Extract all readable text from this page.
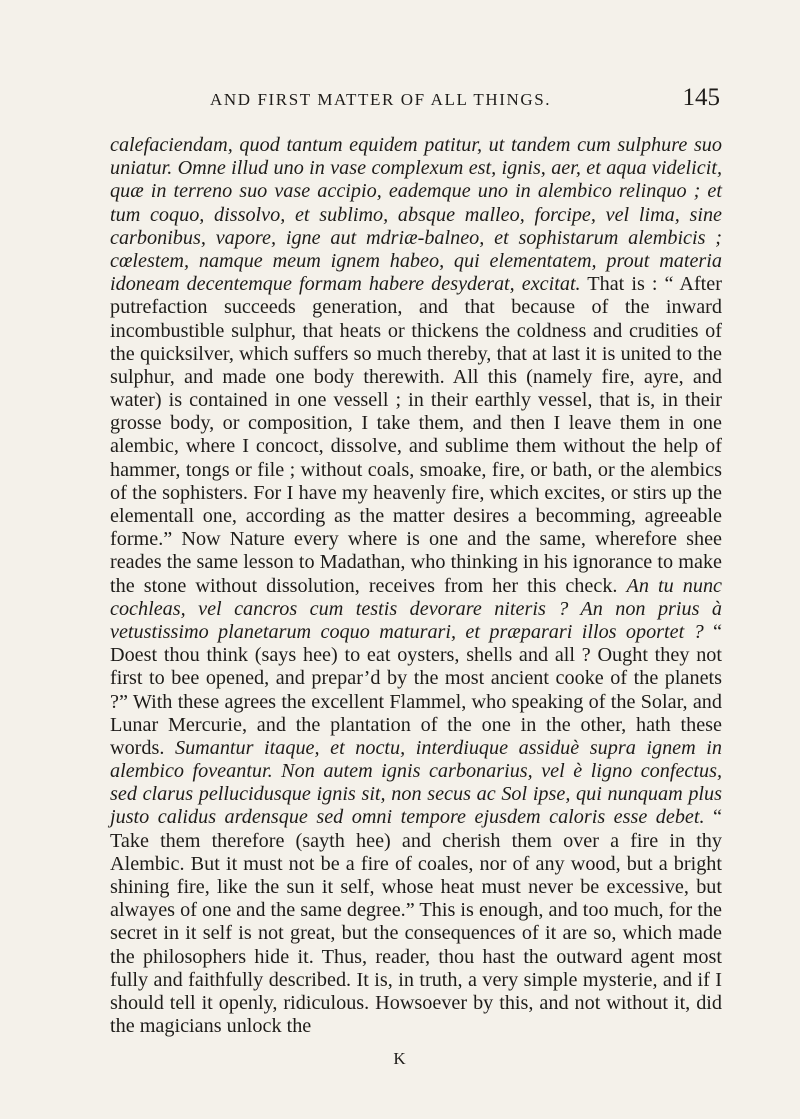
AND FIRST MATTER OF ALL THINGS.	145

calefaciendam, quod tantum equidem patitur, ut tandem cum sulphure suo uniatur. Omne illud uno in vase complexum est, ignis, aer, et aqua videlicit, quæ in terreno suo vase accipio, eademque uno in alembico relinquo ; et tum coquo, dissolvo, et sublimo, absque malleo, forcipe, vel lima, sine carbonibus, vapore, igne aut mdriæ-balneo, et sophistarum alembicis ; cœlestem, namque meum ignem habeo, qui elementatem, prout materia idoneam decentemque formam habere desyderat, excitat. That is : “ After putrefaction succeeds generation, and that because of the inward incombustible sulphur, that heats or thickens the coldness and crudities of the quicksilver, which suffers so much thereby, that at last it is united to the sulphur, and made one body therewith. All this (namely fire, ayre, and water) is contained in one vessell ; in their earthly vessel, that is, in their grosse body, or composition, I take them, and then I leave them in one alembic, where I concoct, dissolve, and sublime them without the help of hammer, tongs or file ; without coals, smoake, fire, or bath, or the alembics of the sophisters. For I have my heavenly fire, which excites, or stirs up the elementall one, according as the matter desires a becomming, agreeable forme.” Now Nature every where is one and the same, wherefore shee reades the same lesson to Madathan, who thinking in his ignorance to make the stone without dissolution, receives from her this check. An tu nunc cochleas, vel cancros cum testis devorare niteris ? An non prius à vetustissimo planetarum coquo maturari, et præparari illos oportet ? “ Doest thou think (says hee) to eat oysters, shells and all ? Ought they not first to bee opened, and prepar’d by the most ancient cooke of the planets ?” With these agrees the excellent Flammel, who speaking of the Solar, and Lunar Mercurie, and the plantation of the one in the other, hath these words. Sumantur itaque, et noctu, interdiuque assiduè supra ignem in alembico foveantur. Non autem ignis carbonarius, vel è ligno confectus, sed clarus pellucidusque ignis sit, non secus ac Sol ipse, qui nunquam plus justo calidus ardensque sed omni tempore ejusdem caloris esse debet. “ Take them therefore (sayth hee) and cherish them over a fire in thy Alembic. But it must not be a fire of coales, nor of any wood, but a bright shining fire, like the sun it self, whose heat must never be excessive, but alwayes of one and the same degree.” This is enough, and too much, for the secret in it self is not great, but the consequences of it are so, which made the philosophers hide it. Thus, reader, thou hast the outward agent most fully and faithfully described. It is, in truth, a very simple mysterie, and if I should tell it openly, ridiculous. Howsoever by this, and not without it, did the magicians unlock the

K
